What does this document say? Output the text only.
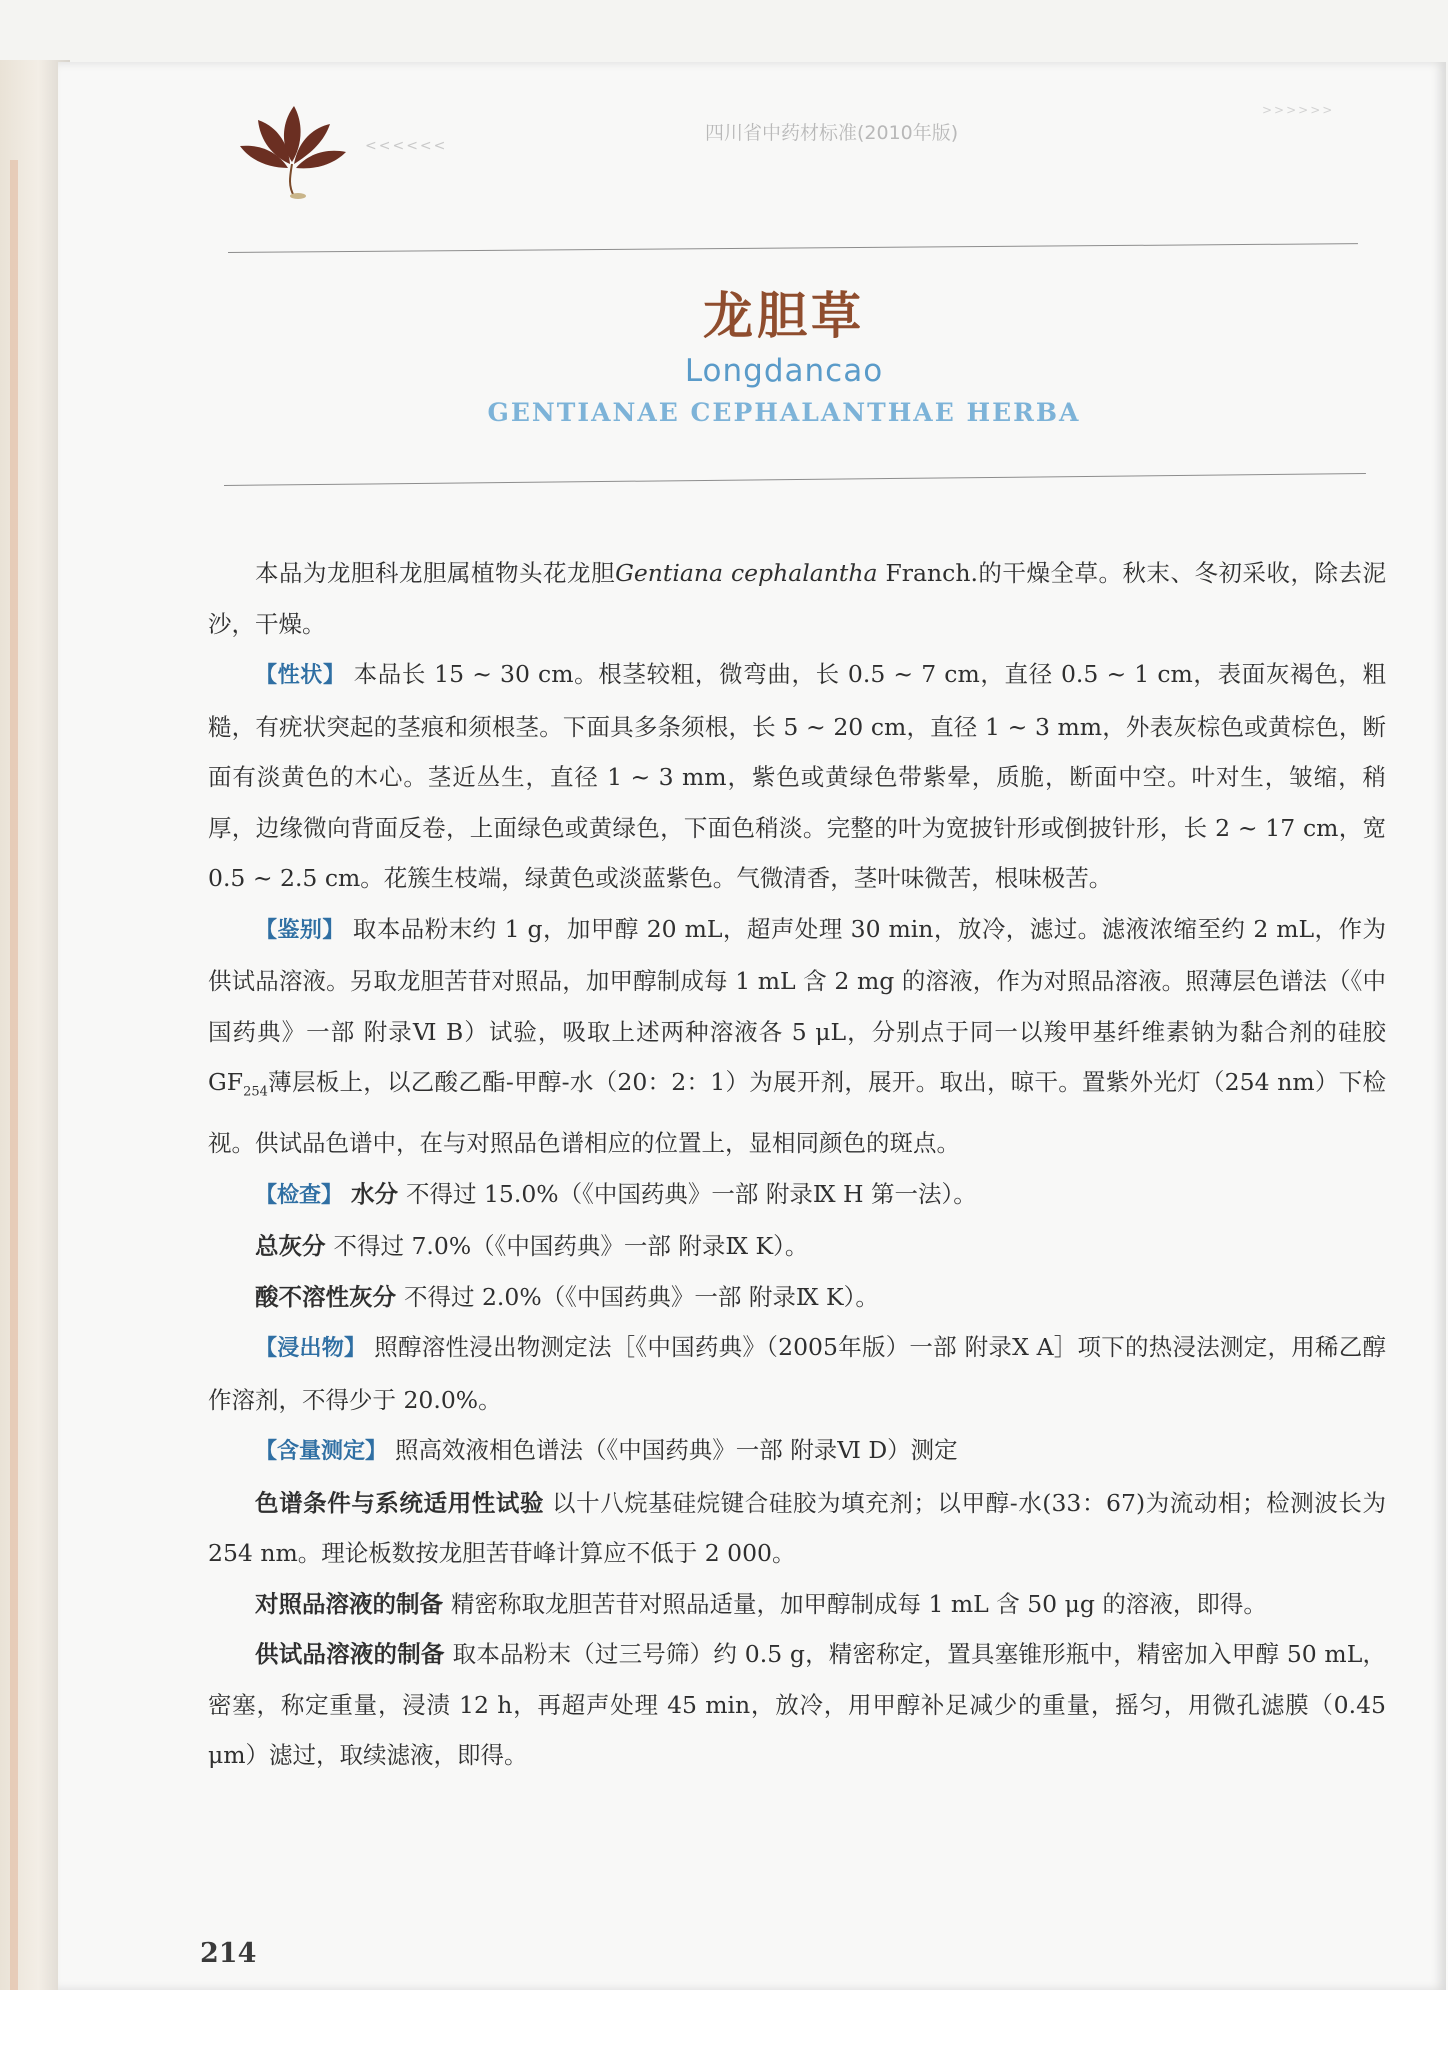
<<<<<<
四川省中药材标准(2010年版)
>>>>>>
龙胆草
Longdancao
GENTIANAE CEPHALANTHAE HERBA

本品为龙胆科龙胆属植物头花龙胆Gentiana cephalantha Franch.的干燥全草。秋末、冬初采收，除去泥沙，干燥。

【性状】 本品长 15 ~ 30 cm。根茎较粗，微弯曲，长 0.5 ~ 7 cm，直径 0.5 ~ 1 cm，表面灰褐色，粗糙，有疣状突起的茎痕和须根茎。下面具多条须根，长 5 ~ 20 cm，直径 1 ~ 3 mm，外表灰棕色或黄棕色，断面有淡黄色的木心。茎近丛生，直径 1 ~ 3 mm，紫色或黄绿色带紫晕，质脆，断面中空。叶对生，皱缩，稍厚，边缘微向背面反卷，上面绿色或黄绿色，下面色稍淡。完整的叶为宽披针形或倒披针形，长 2 ~ 17 cm，宽 0.5 ~ 2.5 cm。花簇生枝端，绿黄色或淡蓝紫色。气微清香，茎叶味微苦，根味极苦。

【鉴别】 取本品粉末约 1 g，加甲醇 20 mL，超声处理 30 min，放冷，滤过。滤液浓缩至约 2 mL，作为供试品溶液。另取龙胆苦苷对照品，加甲醇制成每 1 mL 含 2 mg 的溶液，作为对照品溶液。照薄层色谱法（《中国药典》一部 附录Ⅵ B）试验，吸取上述两种溶液各 5 μL，分别点于同一以羧甲基纤维素钠为黏合剂的硅胶$GF_{254}$薄层板上，以乙酸乙酯-甲醇-水（20：2：1）为展开剂，展开。取出，晾干。置紫外光灯（254 nm）下检视。供试品色谱中，在与对照品色谱相应的位置上，显相同颜色的斑点。

【检查】 水分 不得过 15.0%（《中国药典》一部 附录Ⅸ H 第一法）。

总灰分 不得过 7.0%（《中国药典》一部 附录Ⅸ K）。

酸不溶性灰分 不得过 2.0%（《中国药典》一部 附录Ⅸ K）。

【浸出物】 照醇溶性浸出物测定法［《中国药典》（2005年版）一部 附录X A］项下的热浸法测定，用稀乙醇作溶剂，不得少于 20.0%。

【含量测定】 照高效液相色谱法（《中国药典》一部 附录Ⅵ D）测定

色谱条件与系统适用性试验 以十八烷基硅烷键合硅胶为填充剂；以甲醇-水(33：67)为流动相；检测波长为 254 nm。理论板数按龙胆苦苷峰计算应不低于 2 000。

对照品溶液的制备 精密称取龙胆苦苷对照品适量，加甲醇制成每 1 mL 含 50 μg 的溶液，即得。

供试品溶液的制备 取本品粉末（过三号筛）约 0.5 g，精密称定，置具塞锥形瓶中，精密加入甲醇 50 mL，密塞，称定重量，浸渍 12 h，再超声处理 45 min，放冷，用甲醇补足减少的重量，摇匀，用微孔滤膜（0.45 μm）滤过，取续滤液，即得。

214
